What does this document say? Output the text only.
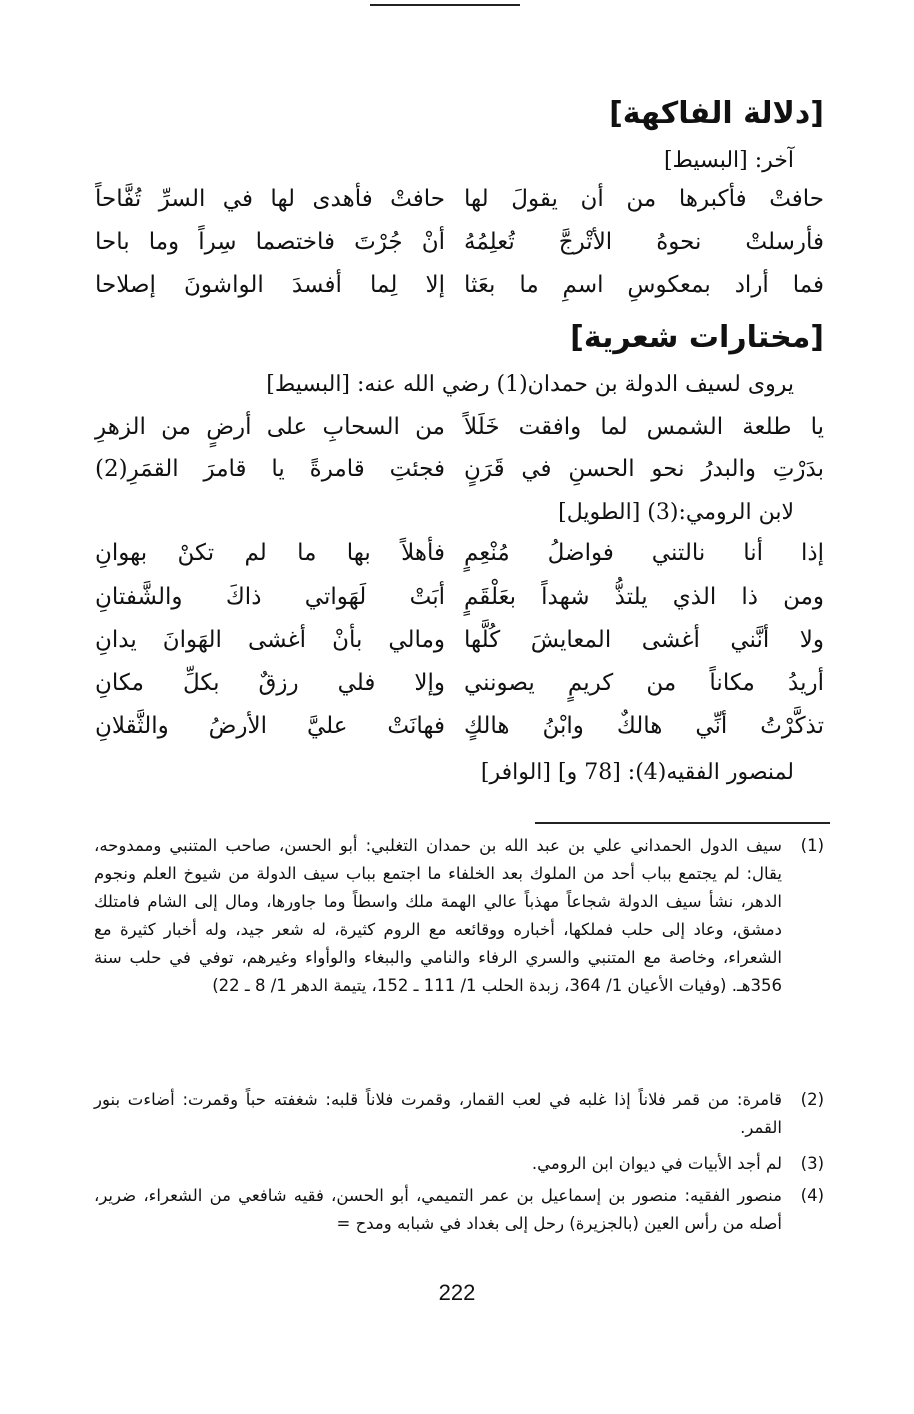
[دلالة الفاكهة]
آخر: [البسيط]
حافتْ فأكبرها من أن يقولَ لها
حافتْ فأهدى لها في السرِّ تُفَّاحاً
فأرسلتْ نحوهُ الأتْرجَّ تُعلِمُهُ
أنْ جُرْتَ فاختصما سِراً وما باحا
فما أراد بمعكوسِ اسمِ ما بعَثا
إلا لِما أفسدَ الواشونَ إصلاحا
[مختارات شعرية]
يروى لسيف الدولة بن حمدان(1) رضي الله عنه: [البسيط]
يا طلعة الشمس لما وافقت خَلَلاً
من السحابِ على أرضٍ من الزهرِ
بدَرْتِ والبدرُ نحو الحسنِ في قَرَنٍ
فجئتِ قامرةً يا قامرَ القمَرِ(2)
لابن الرومي:(3) [الطويل]
إذا أنا نالتني فواضلُ مُنْعِمٍ
فأهلاً بها ما لم تكنْ بهوانِ
ومن ذا الذي يلتذُّ شهداً بعَلْقَمٍ
أبَتْ لَهَواتي ذاكَ والشَّفتانِ
ولا أنَّني أغشى المعايشَ كُلَّها
ومالي بأنْ أغشى الهَوانَ يدانِ
أريدُ مكاناً من كريمٍ يصونني
وإلا فلي رزقٌ بكلِّ مكانِ
تذكَّرْتُ أنِّي هالكٌ وابْنُ هالكٍ
فهانَتْ عليَّ الأرضُ والثَّقلانِ
لمنصور الفقيه(4): [78 و] [الوافر]
(1)
سيف الدول الحمداني علي بن عبد الله بن حمدان التغلبي: أبو الحسن، صاحب المتنبي وممدوحه، يقال: لم يجتمع بباب أحد من الملوك بعد الخلفاء ما اجتمع بباب سيف الدولة من شيوخ العلم ونجوم الدهر، نشأ سيف الدولة شجاعاً مهذباً عالي الهمة ملك واسطاً وما جاورها، ومال إلى الشام فامتلك دمشق، وعاد إلى حلب فملكها، أخباره ووقائعه مع الروم كثيرة، له شعر جيد، وله أخبار كثيرة مع الشعراء، وخاصة مع المتنبي والسري الرفاء والنامي والببغاء والوأواء وغيرهم، توفي في حلب سنة 356هـ. (وفيات الأعيان 1/ 364، زبدة الحلب 1/ 111 ـ 152، يتيمة الدهر 1/ 8 ـ 22)
(2)
قامرة: من قمر فلاناً إذا غلبه في لعب القمار، وقمرت فلاناً قلبه: شغفته حباً وقمرت: أضاءت بنور القمر.
(3)
لم أجد الأبيات في ديوان ابن الرومي.
(4)
منصور الفقيه: منصور بن إسماعيل بن عمر التميمي، أبو الحسن، فقيه شافعي من الشعراء، ضرير، أصله من رأس العين (بالجزيرة) رحل إلى بغداد في شبابه ومدح =
222
